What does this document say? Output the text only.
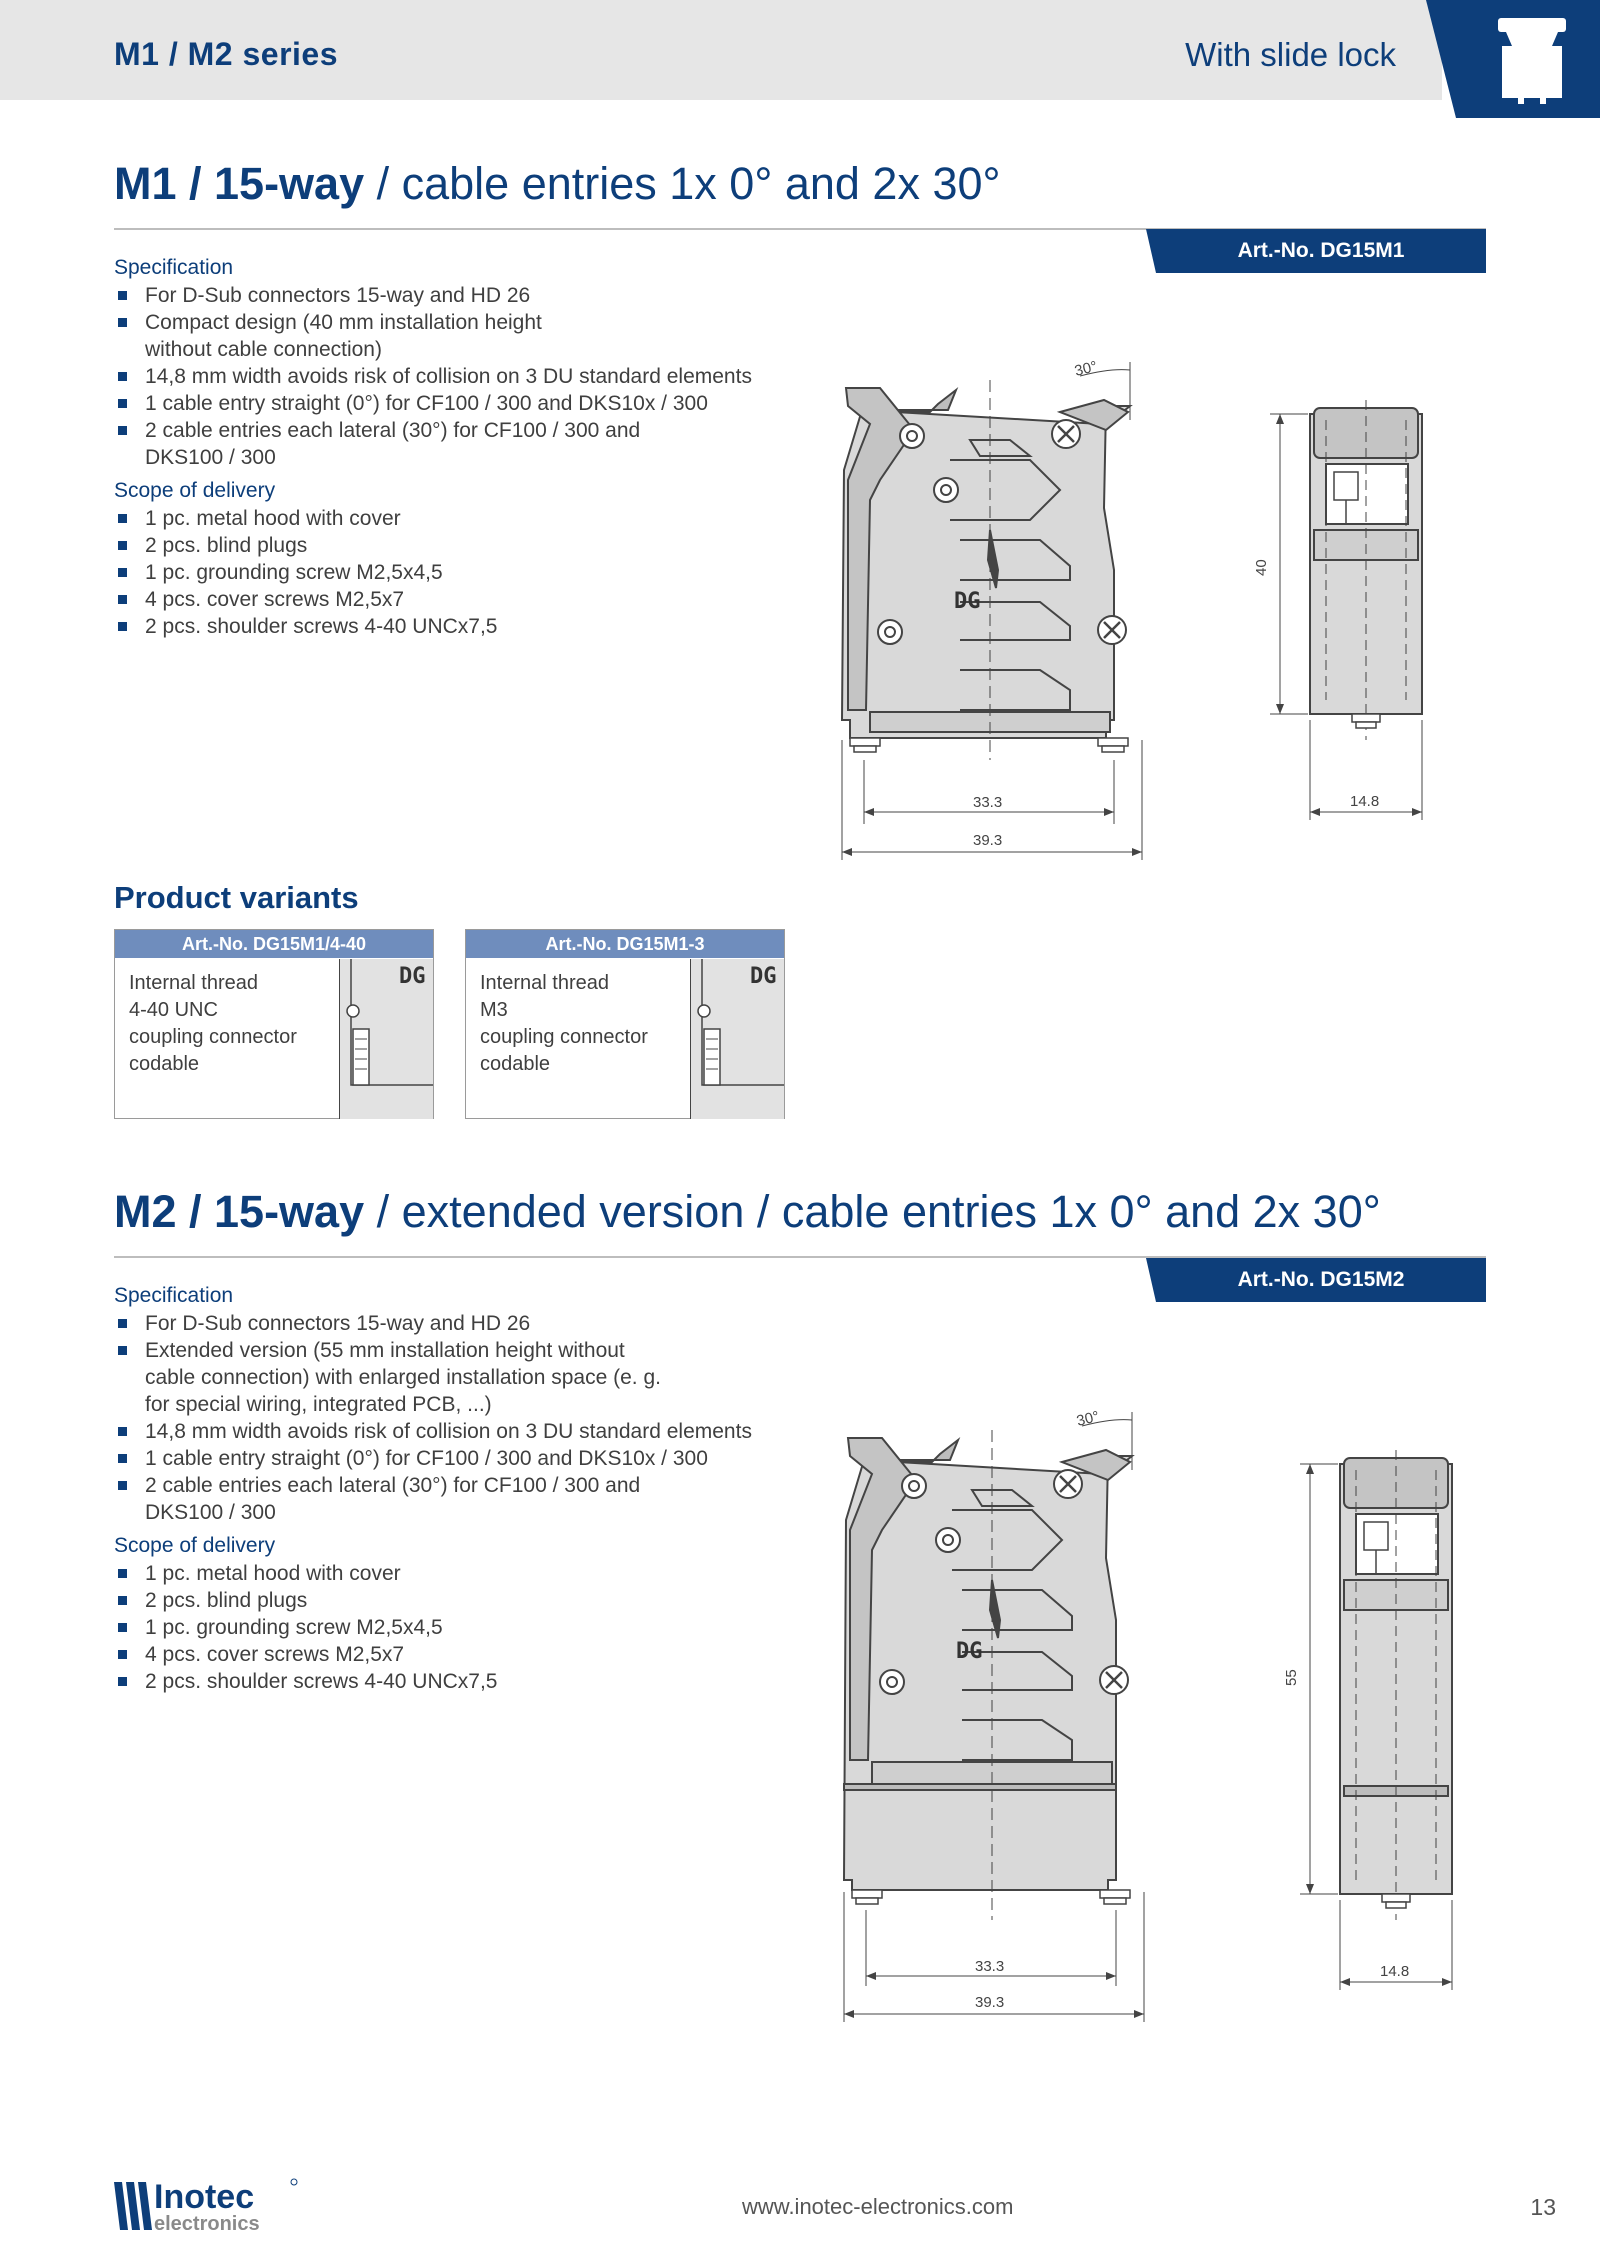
M1 / M2 series	With slide lock
M1 / 15-way / cable entries 1x 0° and 2x 30°
Art.-No. DG15M1
Specification
For D-Sub connectors 15-way and HD 26
Compact design (40 mm installation height without cable connection)
14,8 mm width avoids risk of collision on 3 DU standard elements
1 cable entry straight (0°) for CF100 / 300 and DKS10x / 300
2 cable entries each lateral (30°) for CF100 / 300 and DKS100 / 300
Scope of delivery
1 pc. metal hood with cover
2 pcs. blind plugs
1 pc. grounding screw M2,5x4,5
4 pcs. cover screws M2,5x7
2 pcs. shoulder screws 4-40 UNCx7,5
DG
30°
33.3
39.3
40
14.8
Product variants
Art.-No. DG15M1/4-40
Internal thread
4-40 UNC
coupling connector
codable
DG
Art.-No. DG15M1-3
Internal thread
M3
coupling connector
codable
DG
M2 / 15-way / extended version / cable entries 1x 0° and 2x 30°
Art.-No. DG15M2
Specification
For D-Sub connectors 15-way and HD 26
Extended version (55 mm installation height without cable connection) with enlarged installation space (e. g. for special wiring, integrated PCB, ...)
14,8 mm width avoids risk of collision on 3 DU standard elements
1 cable entry straight (0°) for CF100 / 300 and DKS10x / 300
2 cable entries each lateral (30°) for CF100 / 300 and DKS100 / 300
Scope of delivery
1 pc. metal hood with cover
2 pcs. blind plugs
1 pc. grounding screw M2,5x4,5
4 pcs. cover screws M2,5x7
2 pcs. shoulder screws 4-40 UNCx7,5
DG
30°
33.3
39.3
55
14.8
Inotec
electronics
www.inotec-electronics.com	13
